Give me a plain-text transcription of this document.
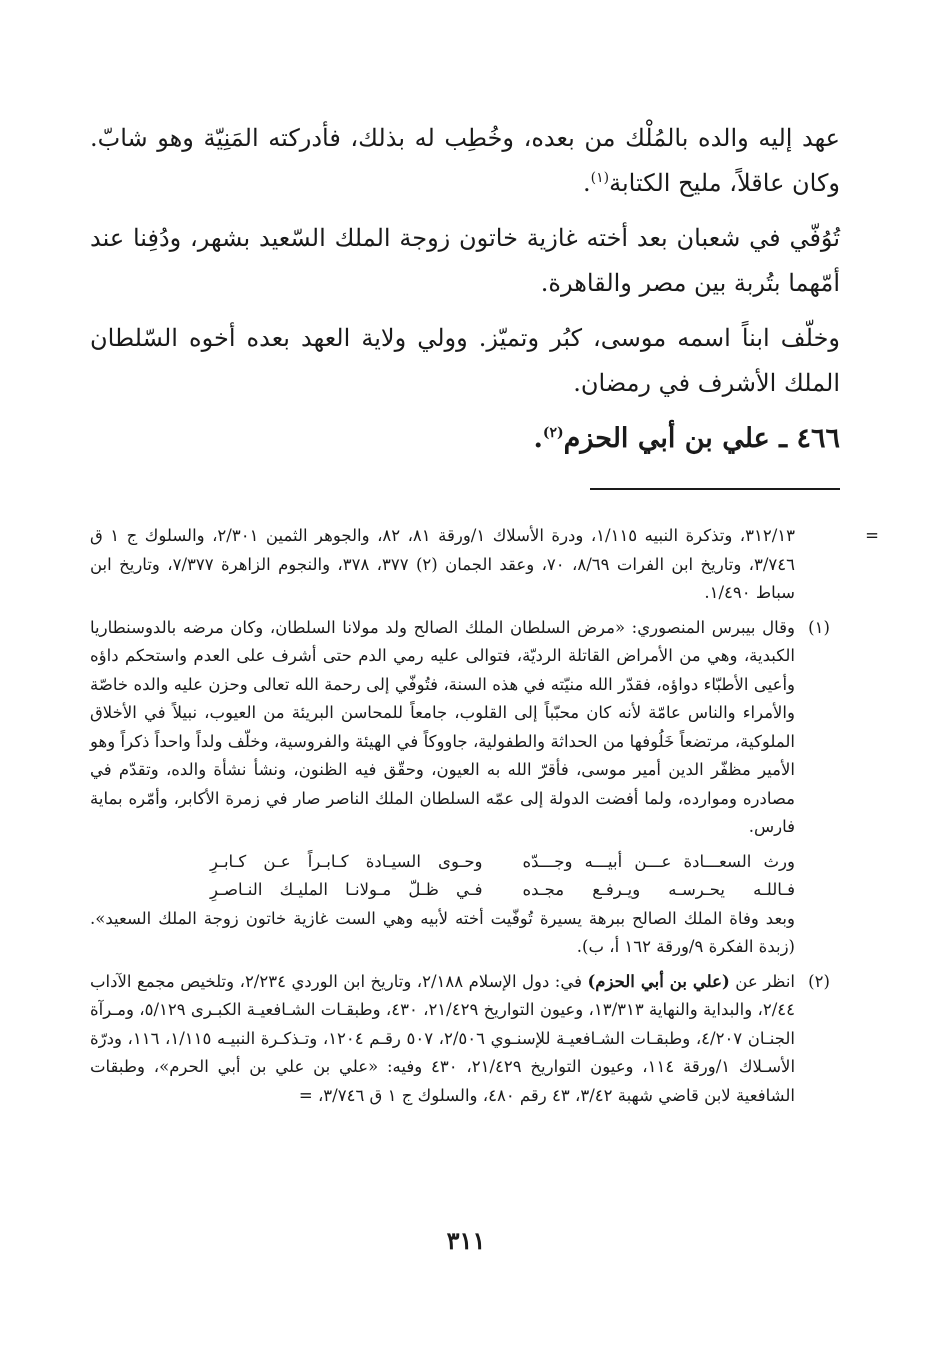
عهد إليه والده بالمُلْك من بعده، وخُطِب له بذلك، فأدركته المَنِيّة وهو شابّ. وكان عاقلاً، مليح الكتابة$^{(١)}$.

تُوُفّي في شعبان بعد أخته غازية خاتون زوجة الملك السّعيد بشهر، ودُفِنا عند أمّهما بتُربة بين مصر والقاهرة.

وخلّف ابناً اسمه موسى، كبُر وتميّز. وولي ولاية العهد بعده أخوه السّلطان الملك الأشرف في رمضان.

٤٦٦ ـ علي بن أبي الحزم$^{(٢)}$.

=
٣١٢/١٣، وتذكرة النبيه ١/١١٥، ودرة الأسلاك ١/ورقة ٨١، ٨٢، والجوهر الثمين ٢/٣٠١، والسلوك ج ١ ق ٣/٧٤٦، وتاريخ ابن الفرات ٨/٦٩، ٧٠، وعقد الجمان (٢) ٣٧٧، ٣٧٨، والنجوم الزاهرة ٧/٣٧٧، وتاريخ ابن سباط ١/٤٩٠.
(١)
وقال بيبرس المنصوري: «مرض السلطان الملك الصالح ولد مولانا السلطان، وكان مرضه بالدوسنطاريا الكبدية، وهي من الأمراض القاتلة الرديّة، فتوالى عليه رمي الدم حتى أشرف على العدم واستحكم داؤه وأعيى الأطبّاء دواؤه، فقدّر الله منيّته في هذه السنة، فتُوفّي إلى رحمة الله تعالى وحزن عليه والده خاصّة والأمراء والناس عامّة لأنه كان محبّباً إلى القلوب، جامعاً للمحاسن البريئة من العيوب، نبيلاً في الأخلاق الملوكية، مرتضعاً خَلُوفها من الحداثة والطفولية، جاووكاً في الهيئة والفروسية، وخلّف ولداً واحداً ذكراً وهو الأمير مظفّر الدين أمير موسى، فأقرّ الله به العيون، وحقّق فيه الظنون، ونشأ نشأة والده، وتقدّم في مصادره وموارده، ولما أفضت الدولة إلى عمّه السلطان الملك الناصر صار في زمرة الأكابر، وأمّره بماية فارس.
ورث السعـــادة عـــن أبيـــه وجـــدّه
وحـوى السيـادة كـابـراً عـن كـابـرِ
فـاللـه يحـرسـه ويـرفـع مجـده
فـي ظـلّ مـولانـا المليـك النـاصـرِ
وبعد وفاة الملك الصالح ببرهة يسيرة تُوفّيت أخته لأبيه وهي الست غازية خاتون زوجة الملك السعيد». (زبدة الفكرة ٩/ورقة ١٦٢ أ، ب).
(٢)
انظر عن (علي بن أبي الحزم) في: دول الإسلام ٢/١٨٨، وتاريخ ابن الوردي ٢/٢٣٤، وتلخيص مجمع الآداب ٢/٤٤، والبداية والنهاية ١٣/٣١٣، وعيون التواريخ ٢١/٤٢٩، ٤٣٠، وطبقـات الشـافعيـة الكبـرى ٥/١٢٩، ومـرآة الجنـان ٤/٢٠٧، وطبقـات الشـافعيـة للإسنـوي ٢/٥٠٦، ٥٠٧ رقـم ١٢٠٤، وتـذكـرة النبيـه ١/١١٥، ١١٦، ودرّة الأسـلاك ١/ورقة ١١٤، وعيون التواريخ ٢١/٤٢٩، ٤٣٠ وفيه: «علي بن علي بن أبي الحرم»، وطبقات الشافعية لابن قاضي شهبة ٣/٤٢، ٤٣ رقم ٤٨٠، والسلوك ج ١ ق ٣/٧٤٦، =
٣١١
